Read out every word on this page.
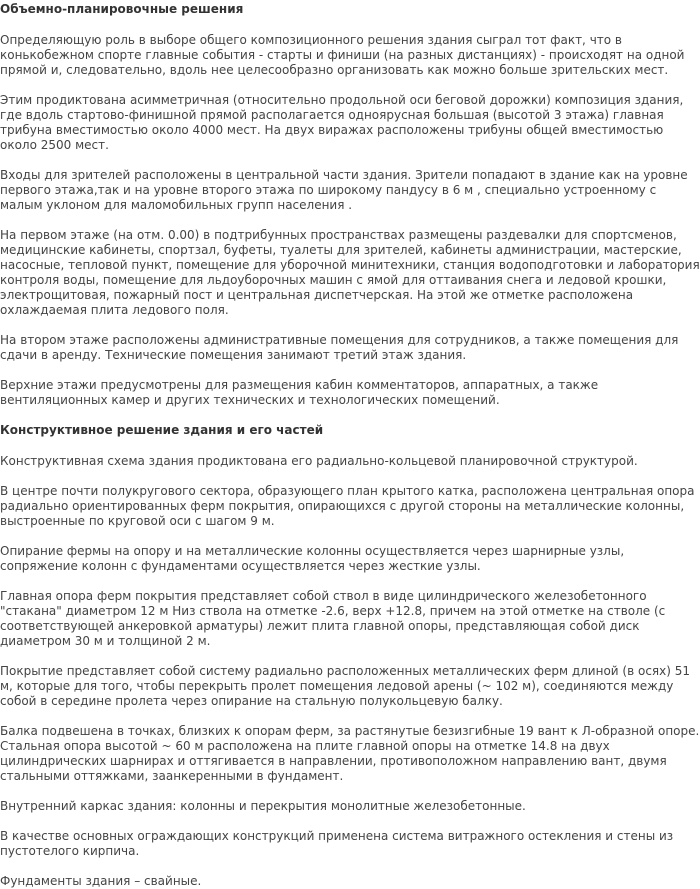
Объемно-планировочные решения

Определяющую роль в выборе общего композиционного решения здания сыграл тот факт, что в конькобежном спорте главные события - старты и финиши (на разных дистанциях) - происходят на одной прямой и, следовательно, вдоль нее целесообразно организовать как можно больше зрительских мест.

Этим продиктована асимметричная (относительно продольной оси беговой дорожки) композиция здания, где вдоль стартово-финишной прямой располагается одноярусная большая (высотой 3 этажа) главная трибуна вместимостью около 4000 мест. На двух виражах расположены трибуны общей вместимостью около 2500 мест.

Входы для зрителей расположены в центральной части здания. Зрители попадают в здание как на уровне первого этажа,так и на уровне второго этажа по широкому пандусу в 6 м , специально устроенному с малым уклоном для маломобильных групп населения .

На первом этаже (на отм. 0.00) в подтрибунных пространствах размещены раздевалки для спортсменов, медицинские кабинеты, спортзал, буфеты, туалеты для зрителей, кабинеты администрации, мастерские, насосные, тепловой пункт, помещение для уборочной минитехники, станция водоподготовки и лаборатория контроля воды, помещение для льдоуборочных машин с ямой для оттаивания снега и ледовой крошки, электрощитовая, пожарный пост и центральная диспетчерская. На этой же отметке расположена охлаждаемая плита ледового поля.

На втором этаже расположены административные помещения для сотрудников, а также помещения для сдачи в аренду. Технические помещения занимают третий этаж здания.

Верхние этажи предусмотрены для размещения кабин комментаторов, аппаратных, а также вентиляционных камер и других технических и технологических помещений.

Конструктивное решение здания и его частей

Конструктивная схема здания продиктована его радиально-кольцевой планировочной структурой.

В центре почти полукругового сектора, образующего план крытого катка, расположена центральная опора радиально ориентированных ферм покрытия, опирающихся с другой стороны на металлические колонны, выстроенные по круговой оси с шагом 9 м.

Опирание фермы на опору и на металлические колонны осуществляется через шарнирные узлы, сопряжение колонн с фундаментами осуществляется через жесткие узлы.

Главная опора ферм покрытия представляет собой ствол в виде цилиндрического железобетонного "стакана" диаметром 12 м Низ ствола на отметке -2.6, верх +12.8, причем на этой отметке на стволе (с соответствующей анкеровкой арматуры) лежит плита главной опоры, представляющая собой диск диаметром 30 м и толщиной 2 м.

Покрытие представляет собой систему радиально расположенных металлических ферм длиной (в осях) 51 м, которые для того, чтобы перекрыть пролет помещения ледовой арены (~ 102 м), соединяются между собой в середине пролета через опирание на стальную полукольцевую балку.

Балка подвешена в точках, близких к опорам ферм, за растянутые безизгибные 19 вант к Л-образной опоре. Стальная опора высотой ~ 60 м расположена на плите главной опоры на отметке 14.8 на двух цилиндрических шарнирах и оттягивается в направлении, противоположном направлению вант, двумя стальными оттяжками, заанкеренными в фундамент.

Внутренний каркас здания: колонны и перекрытия монолитные железобетонные.

В качестве основных ограждающих конструкций применена система витражного остекления и стены из пустотелого кирпича.

Фундаменты здания – свайные.
